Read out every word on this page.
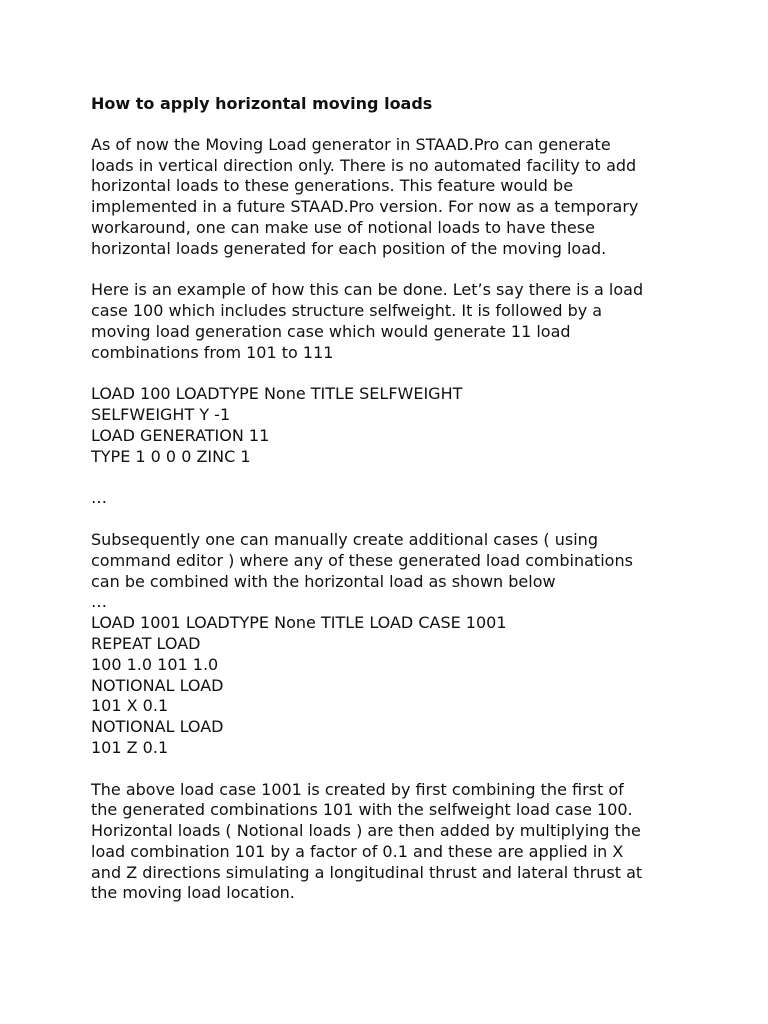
How to apply horizontal moving loads

As of now the Moving Load generator in STAAD.Pro can generate
loads in vertical direction only. There is no automated facility to add
horizontal loads to these generations. This feature would be
implemented in a future STAAD.Pro version. For now as a temporary
workaround, one can make use of notional loads to have these
horizontal loads generated for each position of the moving load.

Here is an example of how this can be done. Let’s say there is a load
case 100 which includes structure selfweight. It is followed by a
moving load generation case which would generate 11 load
combinations from 101 to 111

LOAD 100 LOADTYPE None TITLE SELFWEIGHT
SELFWEIGHT Y -1
LOAD GENERATION 11
TYPE 1 0 0 0 ZINC 1

…

Subsequently one can manually create additional cases ( using
command editor ) where any of these generated load combinations
can be combined with the horizontal load as shown below
…

LOAD 1001 LOADTYPE None TITLE LOAD CASE 1001
REPEAT LOAD
100 1.0 101 1.0
NOTIONAL LOAD
101 X 0.1
NOTIONAL LOAD
101 Z 0.1

The above load case 1001 is created by first combining the first of
the generated combinations 101 with the selfweight load case 100.
Horizontal loads ( Notional loads ) are then added by multiplying the
load combination 101 by a factor of 0.1 and these are applied in X
and Z directions simulating a longitudinal thrust and lateral thrust at
the moving load location.
